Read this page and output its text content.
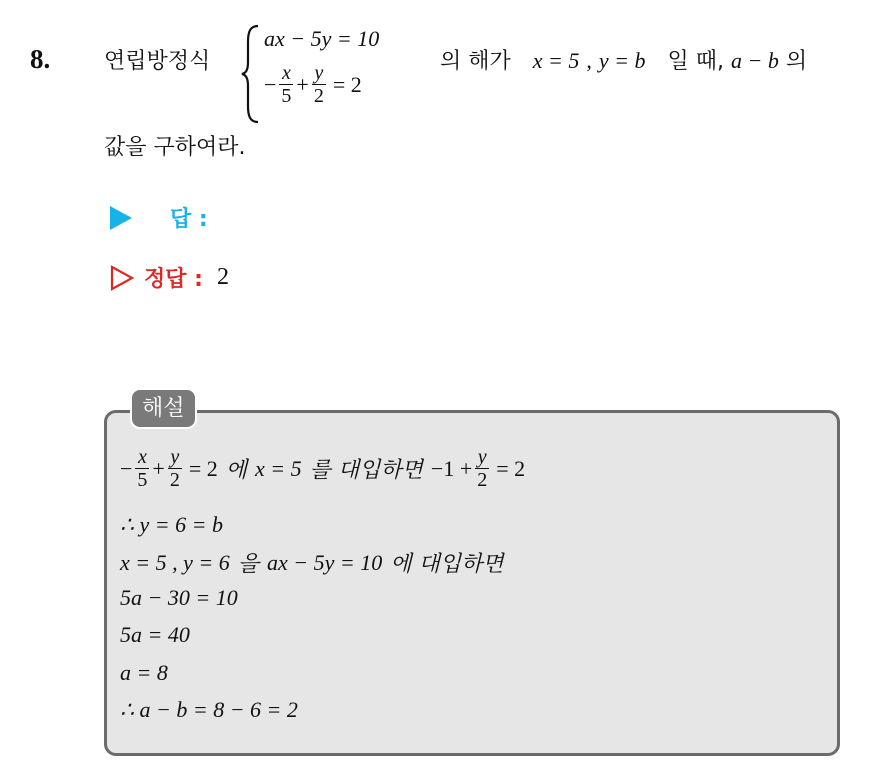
8. 연립방정식
ax − 5y = 10
− $\frac{x}{5} + \frac{y}{2} = 2$
의 해가 x = 5 , y = b 일 때, a − b 의
값을 구하여라.
답 :
정답 : 2
해설
− $\frac{x}{5} + \frac{y}{2} = 2$ 에 x = 5 를 대입하면 $-1 + \frac{y}{2} = 2$
∴ y = 6 = b
x = 5 , y = 6 을 ax − 5y = 10 에 대입하면
5a − 30 = 10
5a = 40
a = 8
∴ a − b = 8 − 6 = 2
